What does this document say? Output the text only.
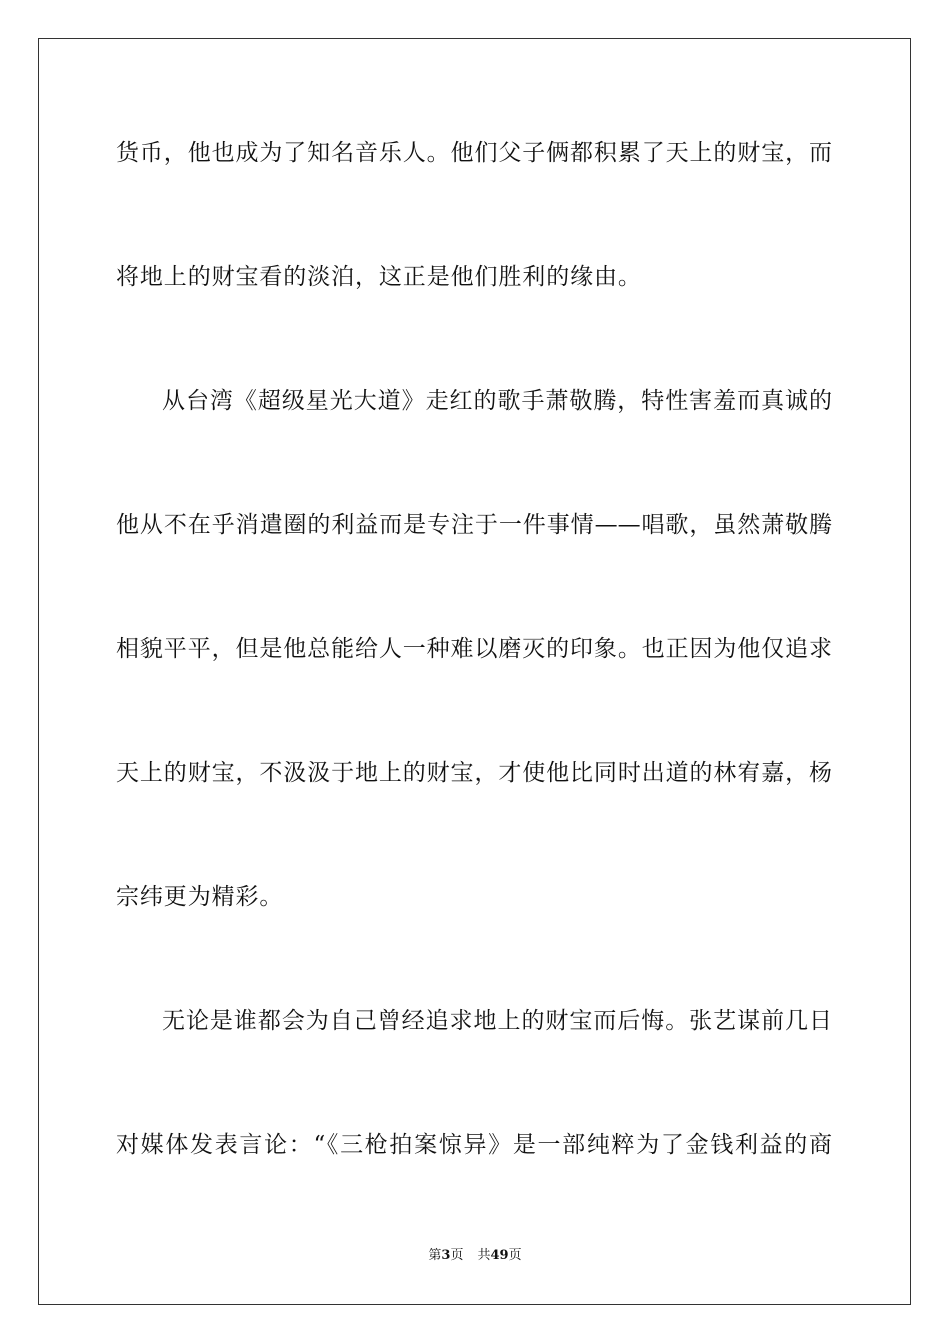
货币，他也成为了知名音乐人。他们父子俩都积累了天上的财宝，而
将地上的财宝看的淡泊，这正是他们胜利的缘由。
从台湾《超级星光大道》走红的歌手萧敬腾，特性害羞而真诚的
他从不在乎消遣圈的利益而是专注于一件事情——唱歌，虽然萧敬腾
相貌平平，但是他总能给人一种难以磨灭的印象。也正因为他仅追求
天上的财宝，不汲汲于地上的财宝，才使他比同时出道的林宥嘉，杨
宗纬更为精彩。
无论是谁都会为自己曾经追求地上的财宝而后悔。张艺谋前几日
对媒体发表言论：“《三枪拍案惊异》是一部纯粹为了金钱利益的商
第3页 共49页
